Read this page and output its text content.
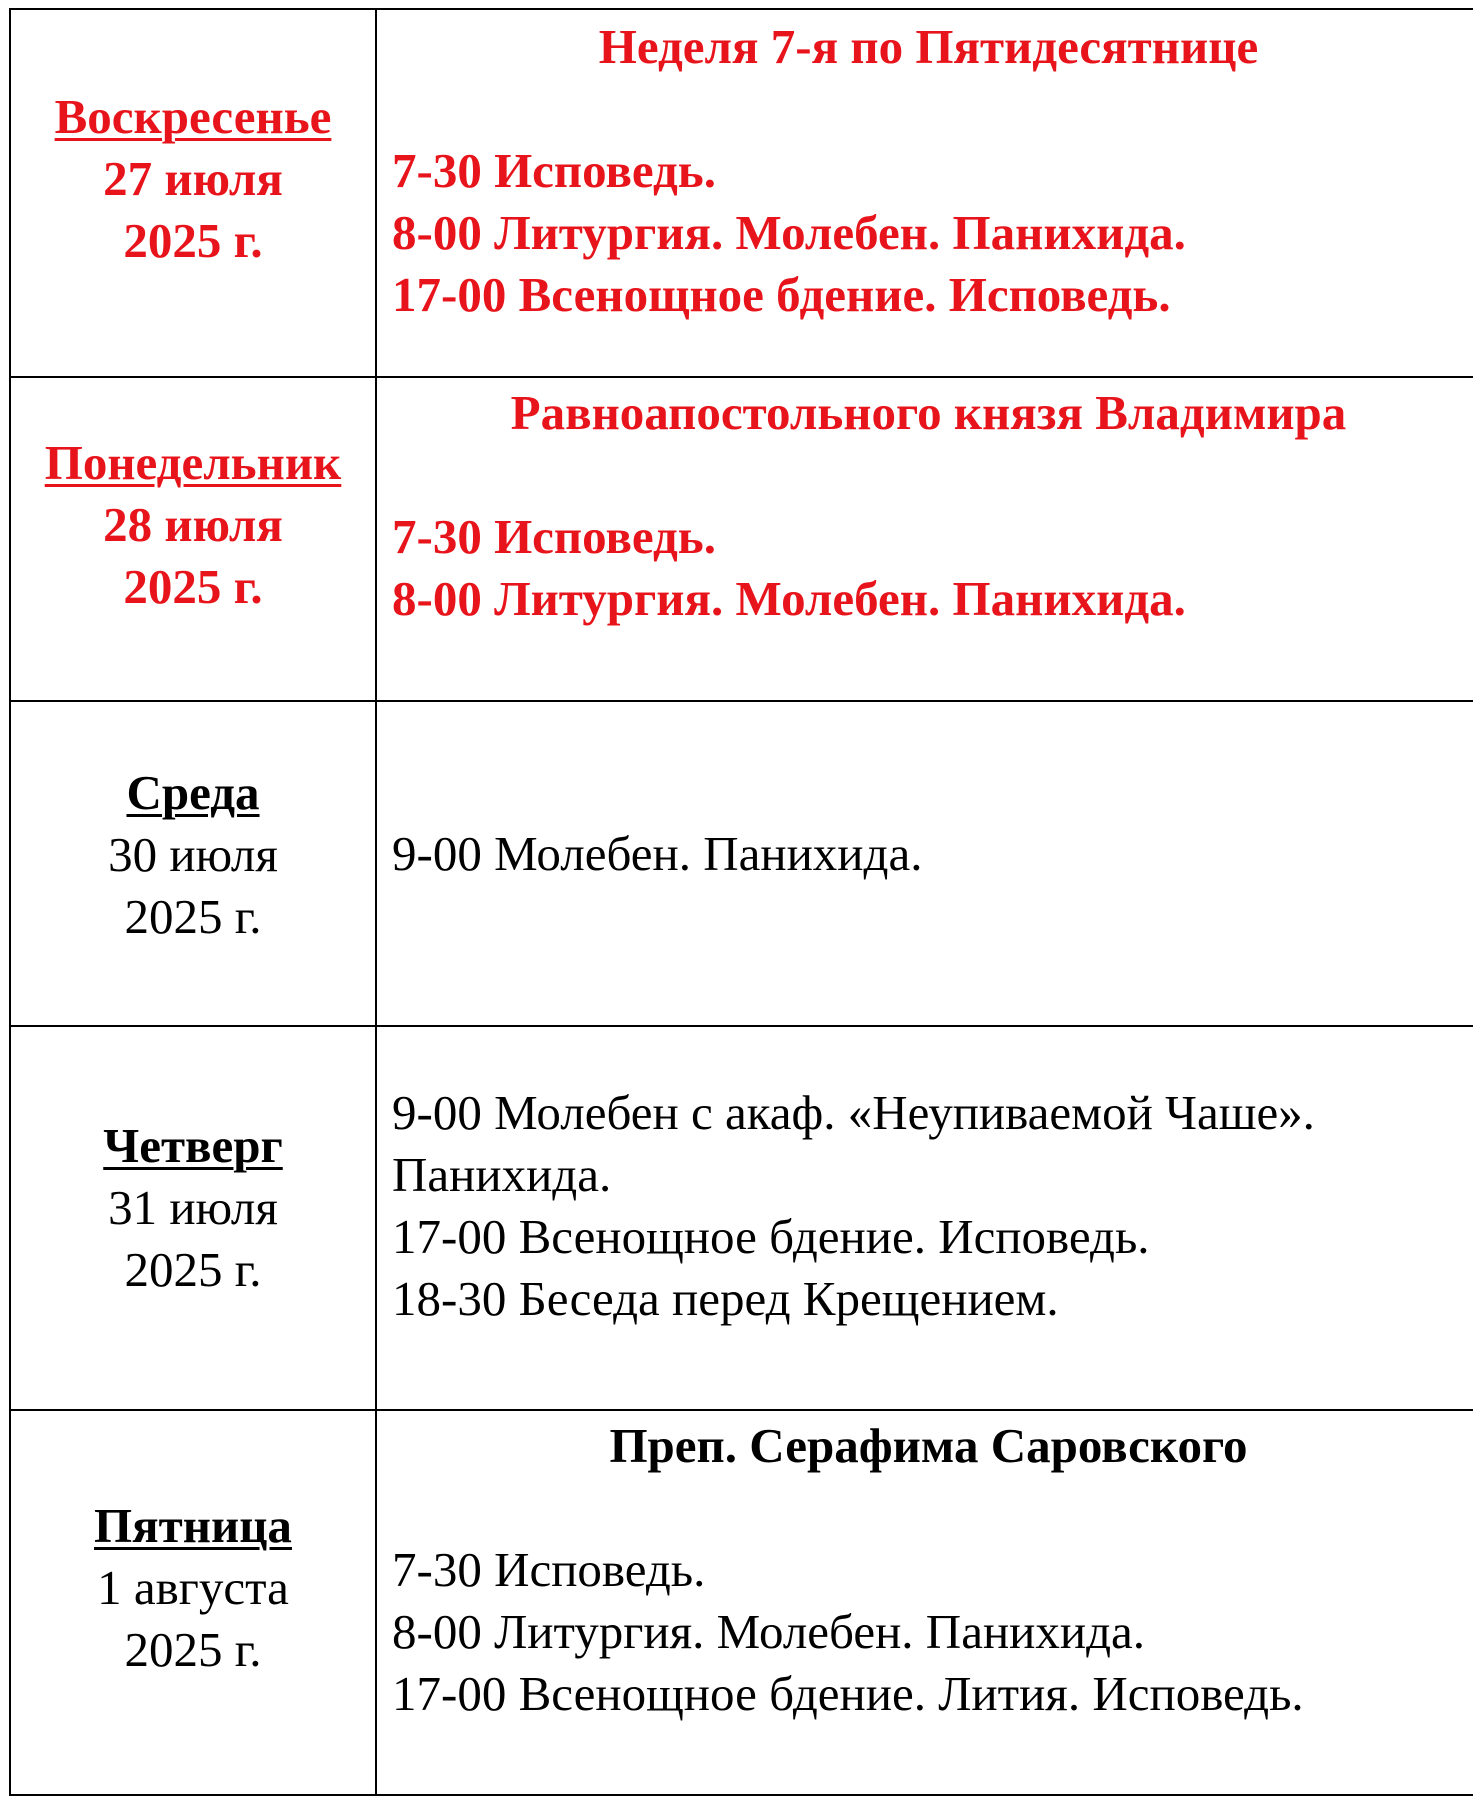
Воскресенье
27 июля
2025 г.	Неделя 7-я по Пятидесятнице
7-30 Исповедь.
8-00 Литургия. Молебен. Панихида.
17-00 Всенощное бдение. Исповедь.

Понедельник
28 июля
2025 г.	Равноапостольного князя Владимира
7-30 Исповедь.
8-00 Литургия. Молебен. Панихида.

Среда
30 июля
2025 г.	9-00 Молебен. Панихида.

Четверг
31 июля
2025 г.	9-00 Молебен с акаф. «Неупиваемой Чаше».
Панихида.
17-00 Всенощное бдение. Исповедь.
18-30 Беседа перед Крещением.

Пятница
1 августа
2025 г.	Преп. Серафима Саровского
7-30 Исповедь.
8-00 Литургия. Молебен. Панихида.
17-00 Всенощное бдение. Лития. Исповедь.
